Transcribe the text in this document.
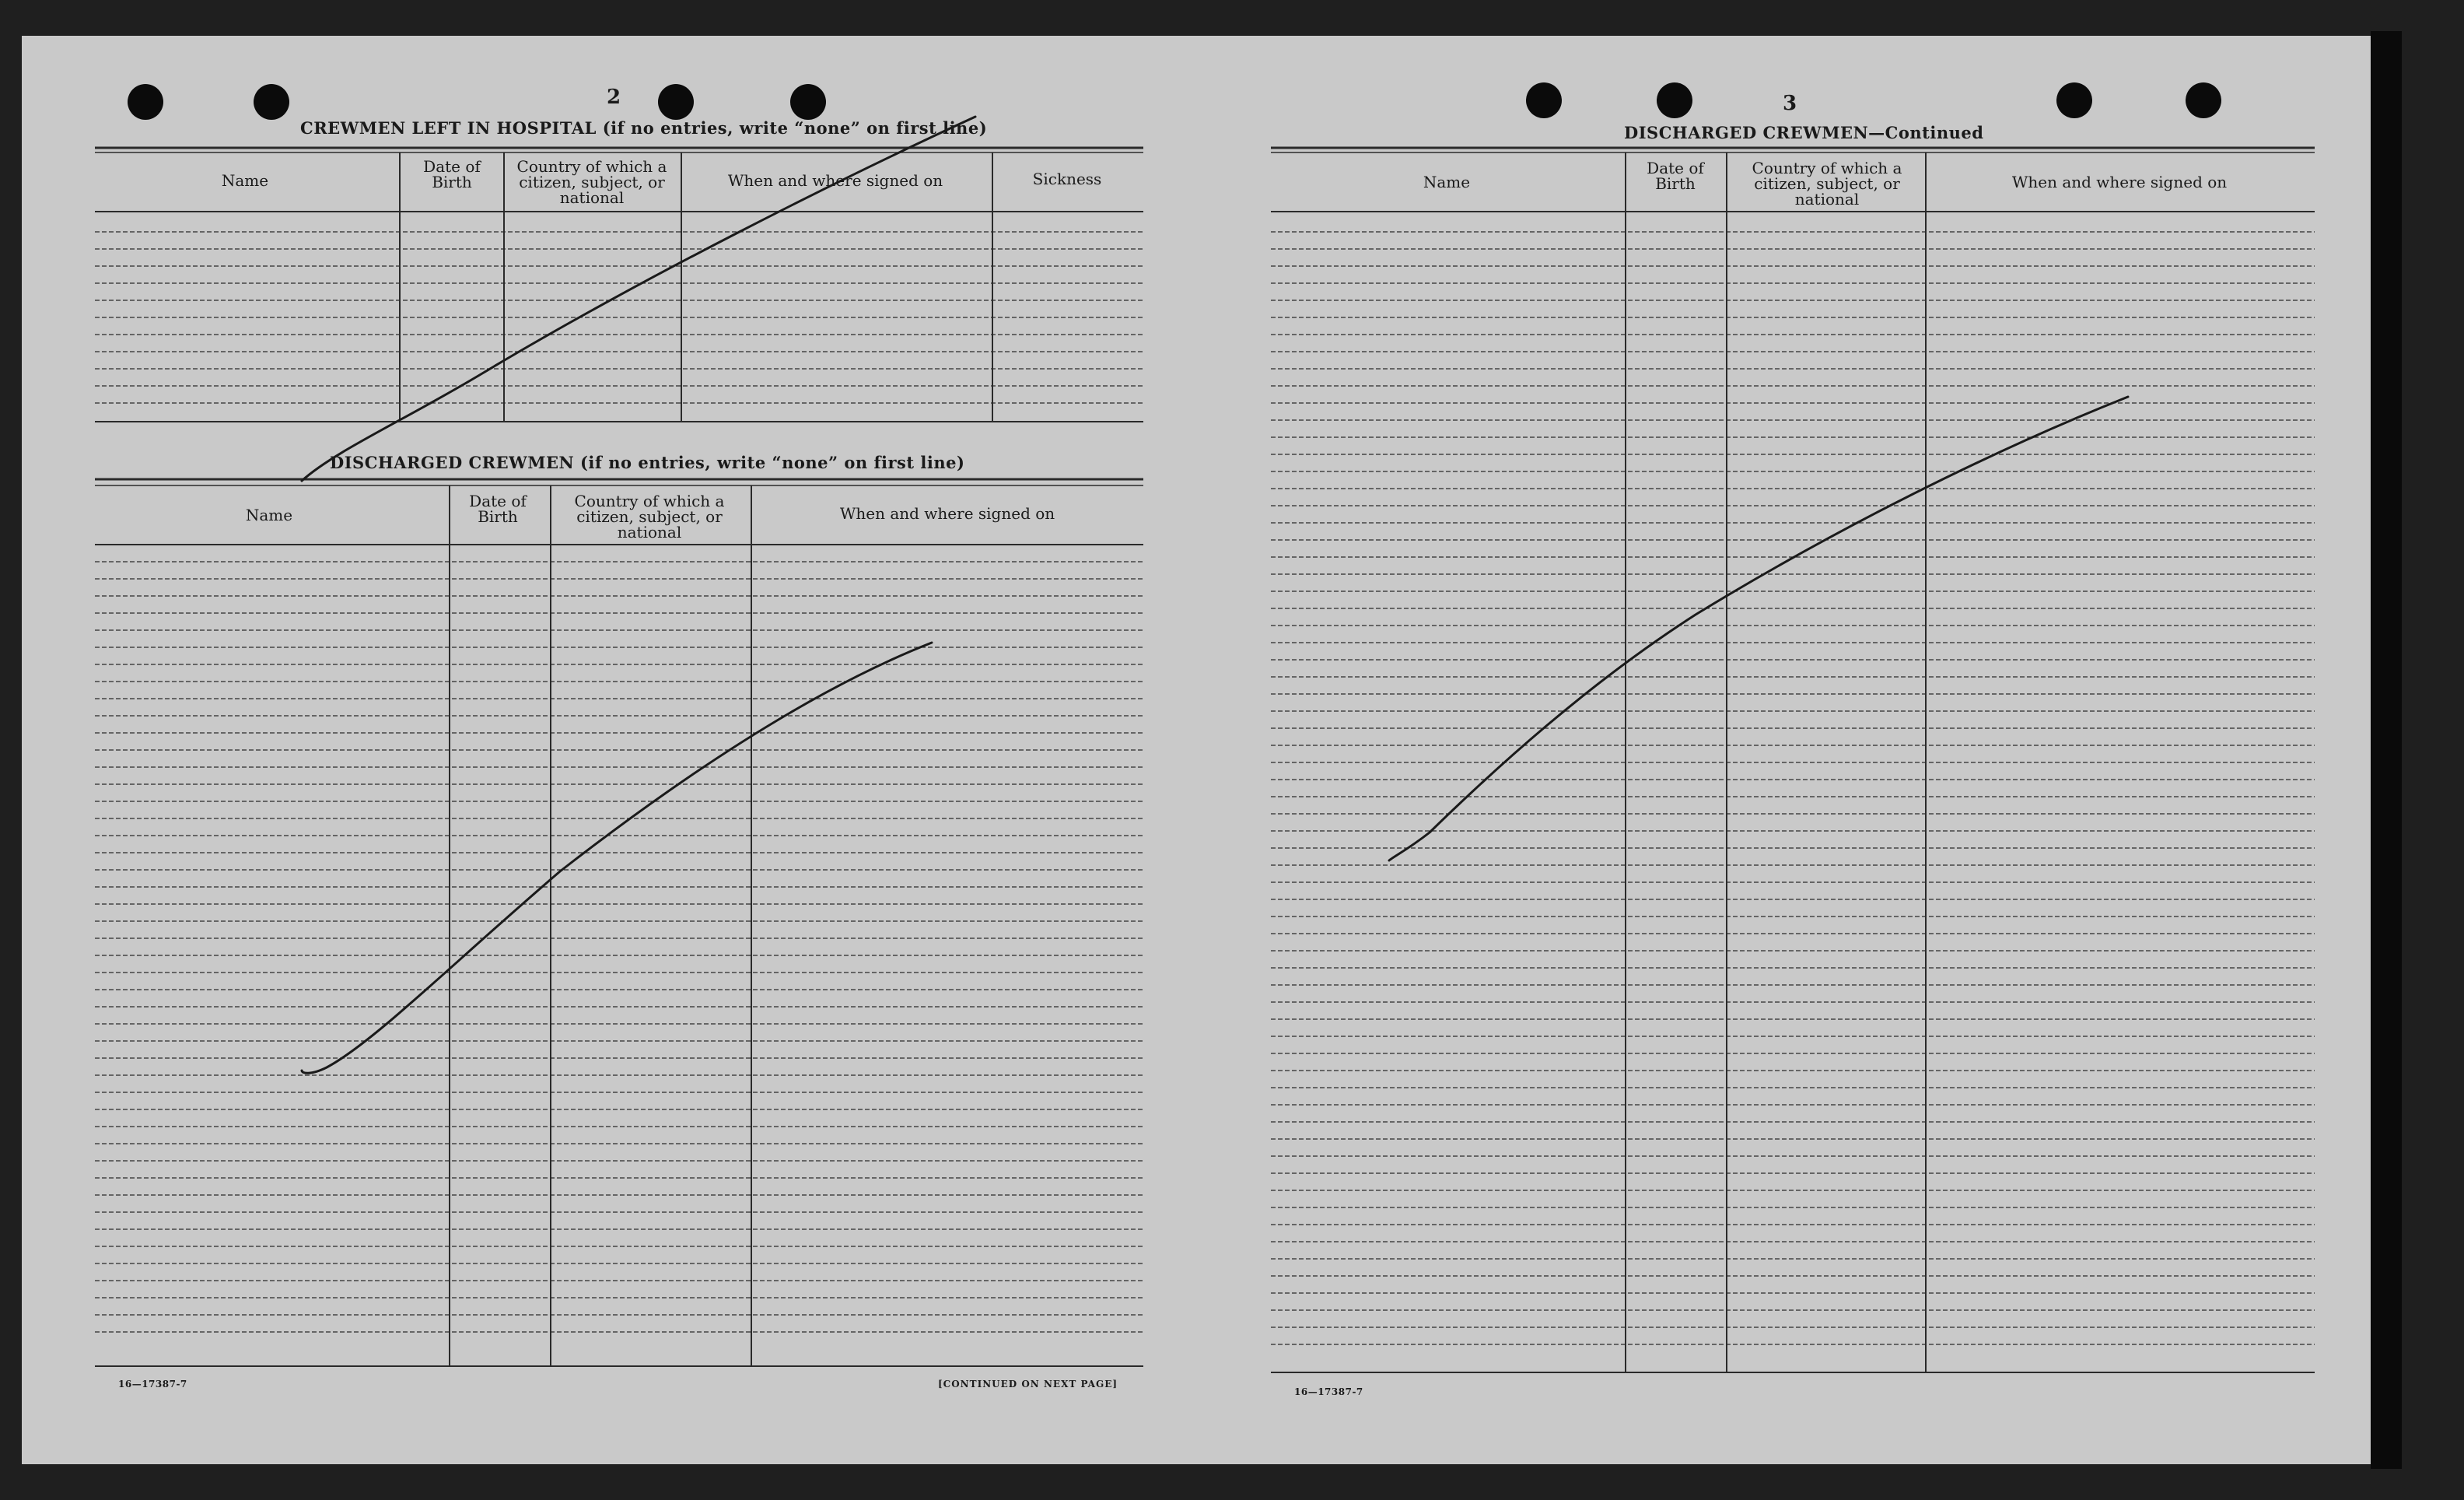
2
CREWMEN LEFT IN HOSPITAL (if no entries, write “none” on first line)
Name
Date of Birth
Country of which a citizen, subject, or national
When and where signed on	Sickness
DISCHARGED CREWMEN (if no entries, write “none” on first line)
Name
Date of Birth
Country of which a citizen, subject, or national
When and where signed on
16—17387-7	[CONTINUED ON NEXT PAGE]
3
DISCHARGED CREWMEN—Continued
Name
Date of Birth
Country of which a citizen, subject, or national
When and where signed on
16—17387-7
